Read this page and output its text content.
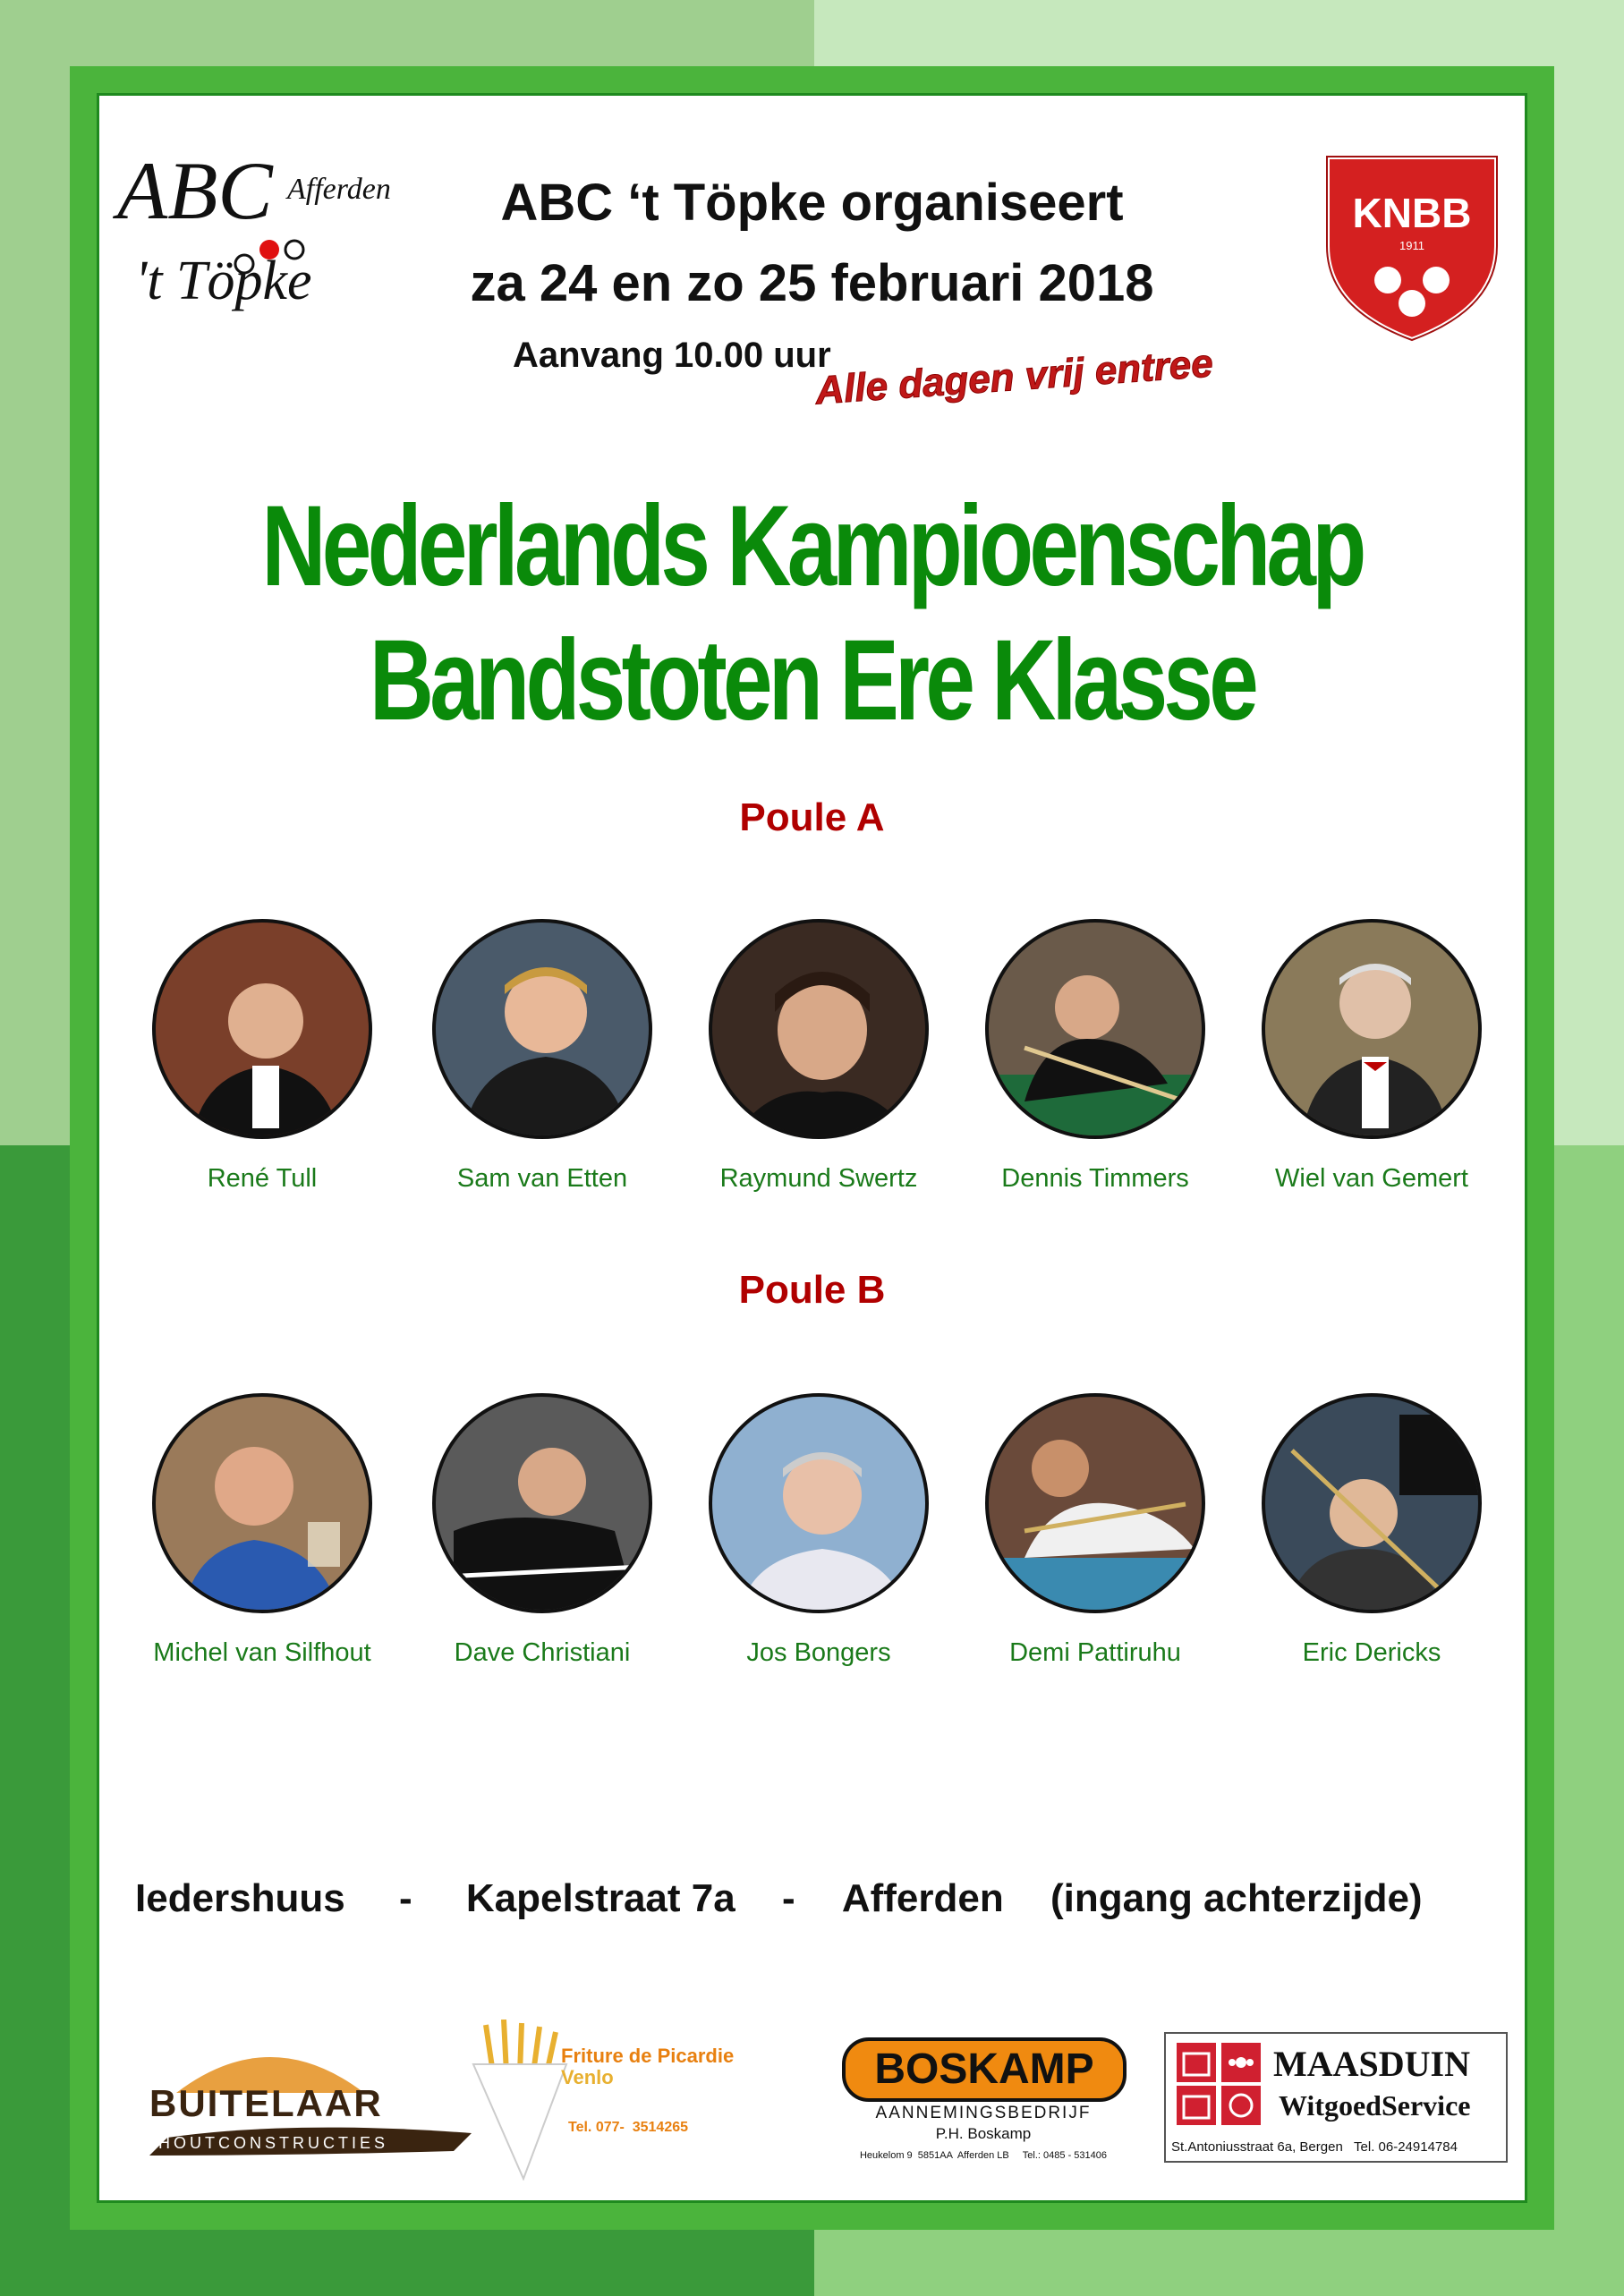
ABC Afferden
't Töpke
KNBB
1911
ABC ‘t Töpke organiseert
za 24 en zo 25 februari 2018
Aanvang 10.00 uur
Alle dagen vrij entree
Nederlands Kampioenschap
Bandstoten Ere Klasse
Poule A
René Tull	Sam van Etten	Raymund Swertz	Dennis Timmers	Wiel van Gemert
Poule B
Michel van Silfhout	Dave Christiani	Jos Bongers	Demi Pattiruhu	Eric Dericks
Iedershuus - Kapelstraat 7a - Afferden (ingang achterzijde)
BUITELAAR
HOUTCONSTRUCTIES
Friture de Picardie
Venlo
Tel. 077-  3514265
BOSKAMP
AANNEMINGSBEDRIJF
P.H. Boskamp
Heukelom 9  5851AA  Afferden LB     Tel.: 0485 - 531406
MAASDUIN
WitgoedService
St.Antoniusstraat 6a, Bergen   Tel. 06-24914784
